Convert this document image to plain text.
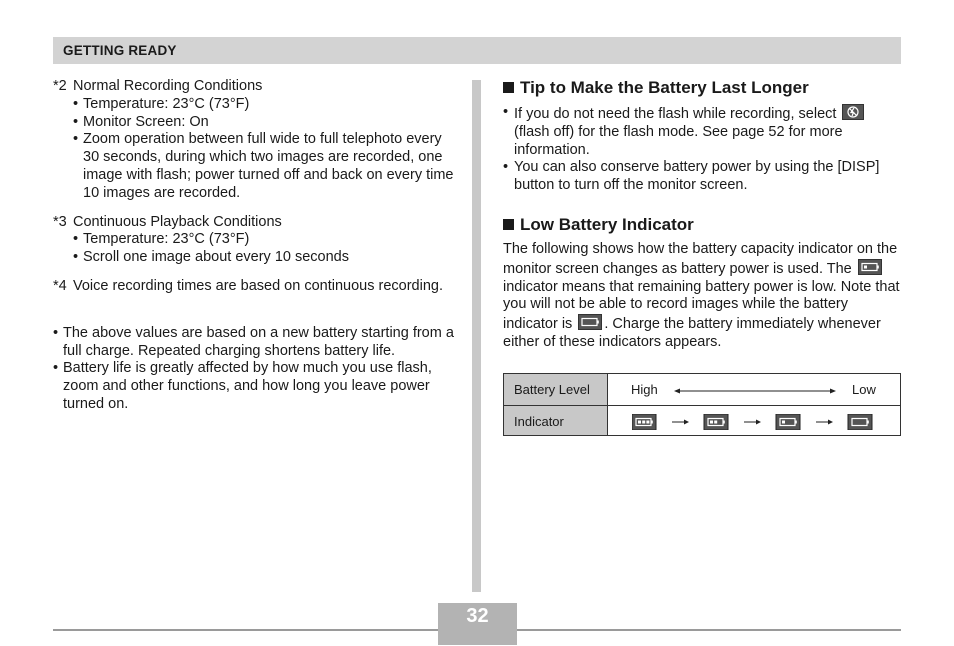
GETTING READY
*2 Normal Recording Conditions
• Temperature: 23°C (73°F)
• Monitor Screen: On
• Zoom operation between full wide to full telephoto every 30 seconds, during which two images are recorded, one image with flash; power turned off and back on every time 10 images are recorded.
*3 Continuous Playback Conditions
• Temperature: 23°C (73°F)
• Scroll one image about every 10 seconds
*4 Voice recording times are based on continuous recording.
• The above values are based on a new battery starting from a full charge. Repeated charging shortens battery life.
• Battery life is greatly affected by how much you use flash, zoom and other functions, and how long you leave power turned on.
Tip to Make the Battery Last Longer
• If you do not need the flash while recording, select
(flash off) for the flash mode. See page 52 for more information.
• You can also conserve battery power by using the [DISP] button to turn off the monitor screen.
Low Battery Indicator
The following shows how the battery capacity indicator on the monitor screen changes as battery power is used. The
indicator means that remaining battery power is low. Note that you will not be able to record images while the battery indicator is . Charge the battery immediately whenever either of these indicators appears.
Battery Level	High	Low
Indicator
32
